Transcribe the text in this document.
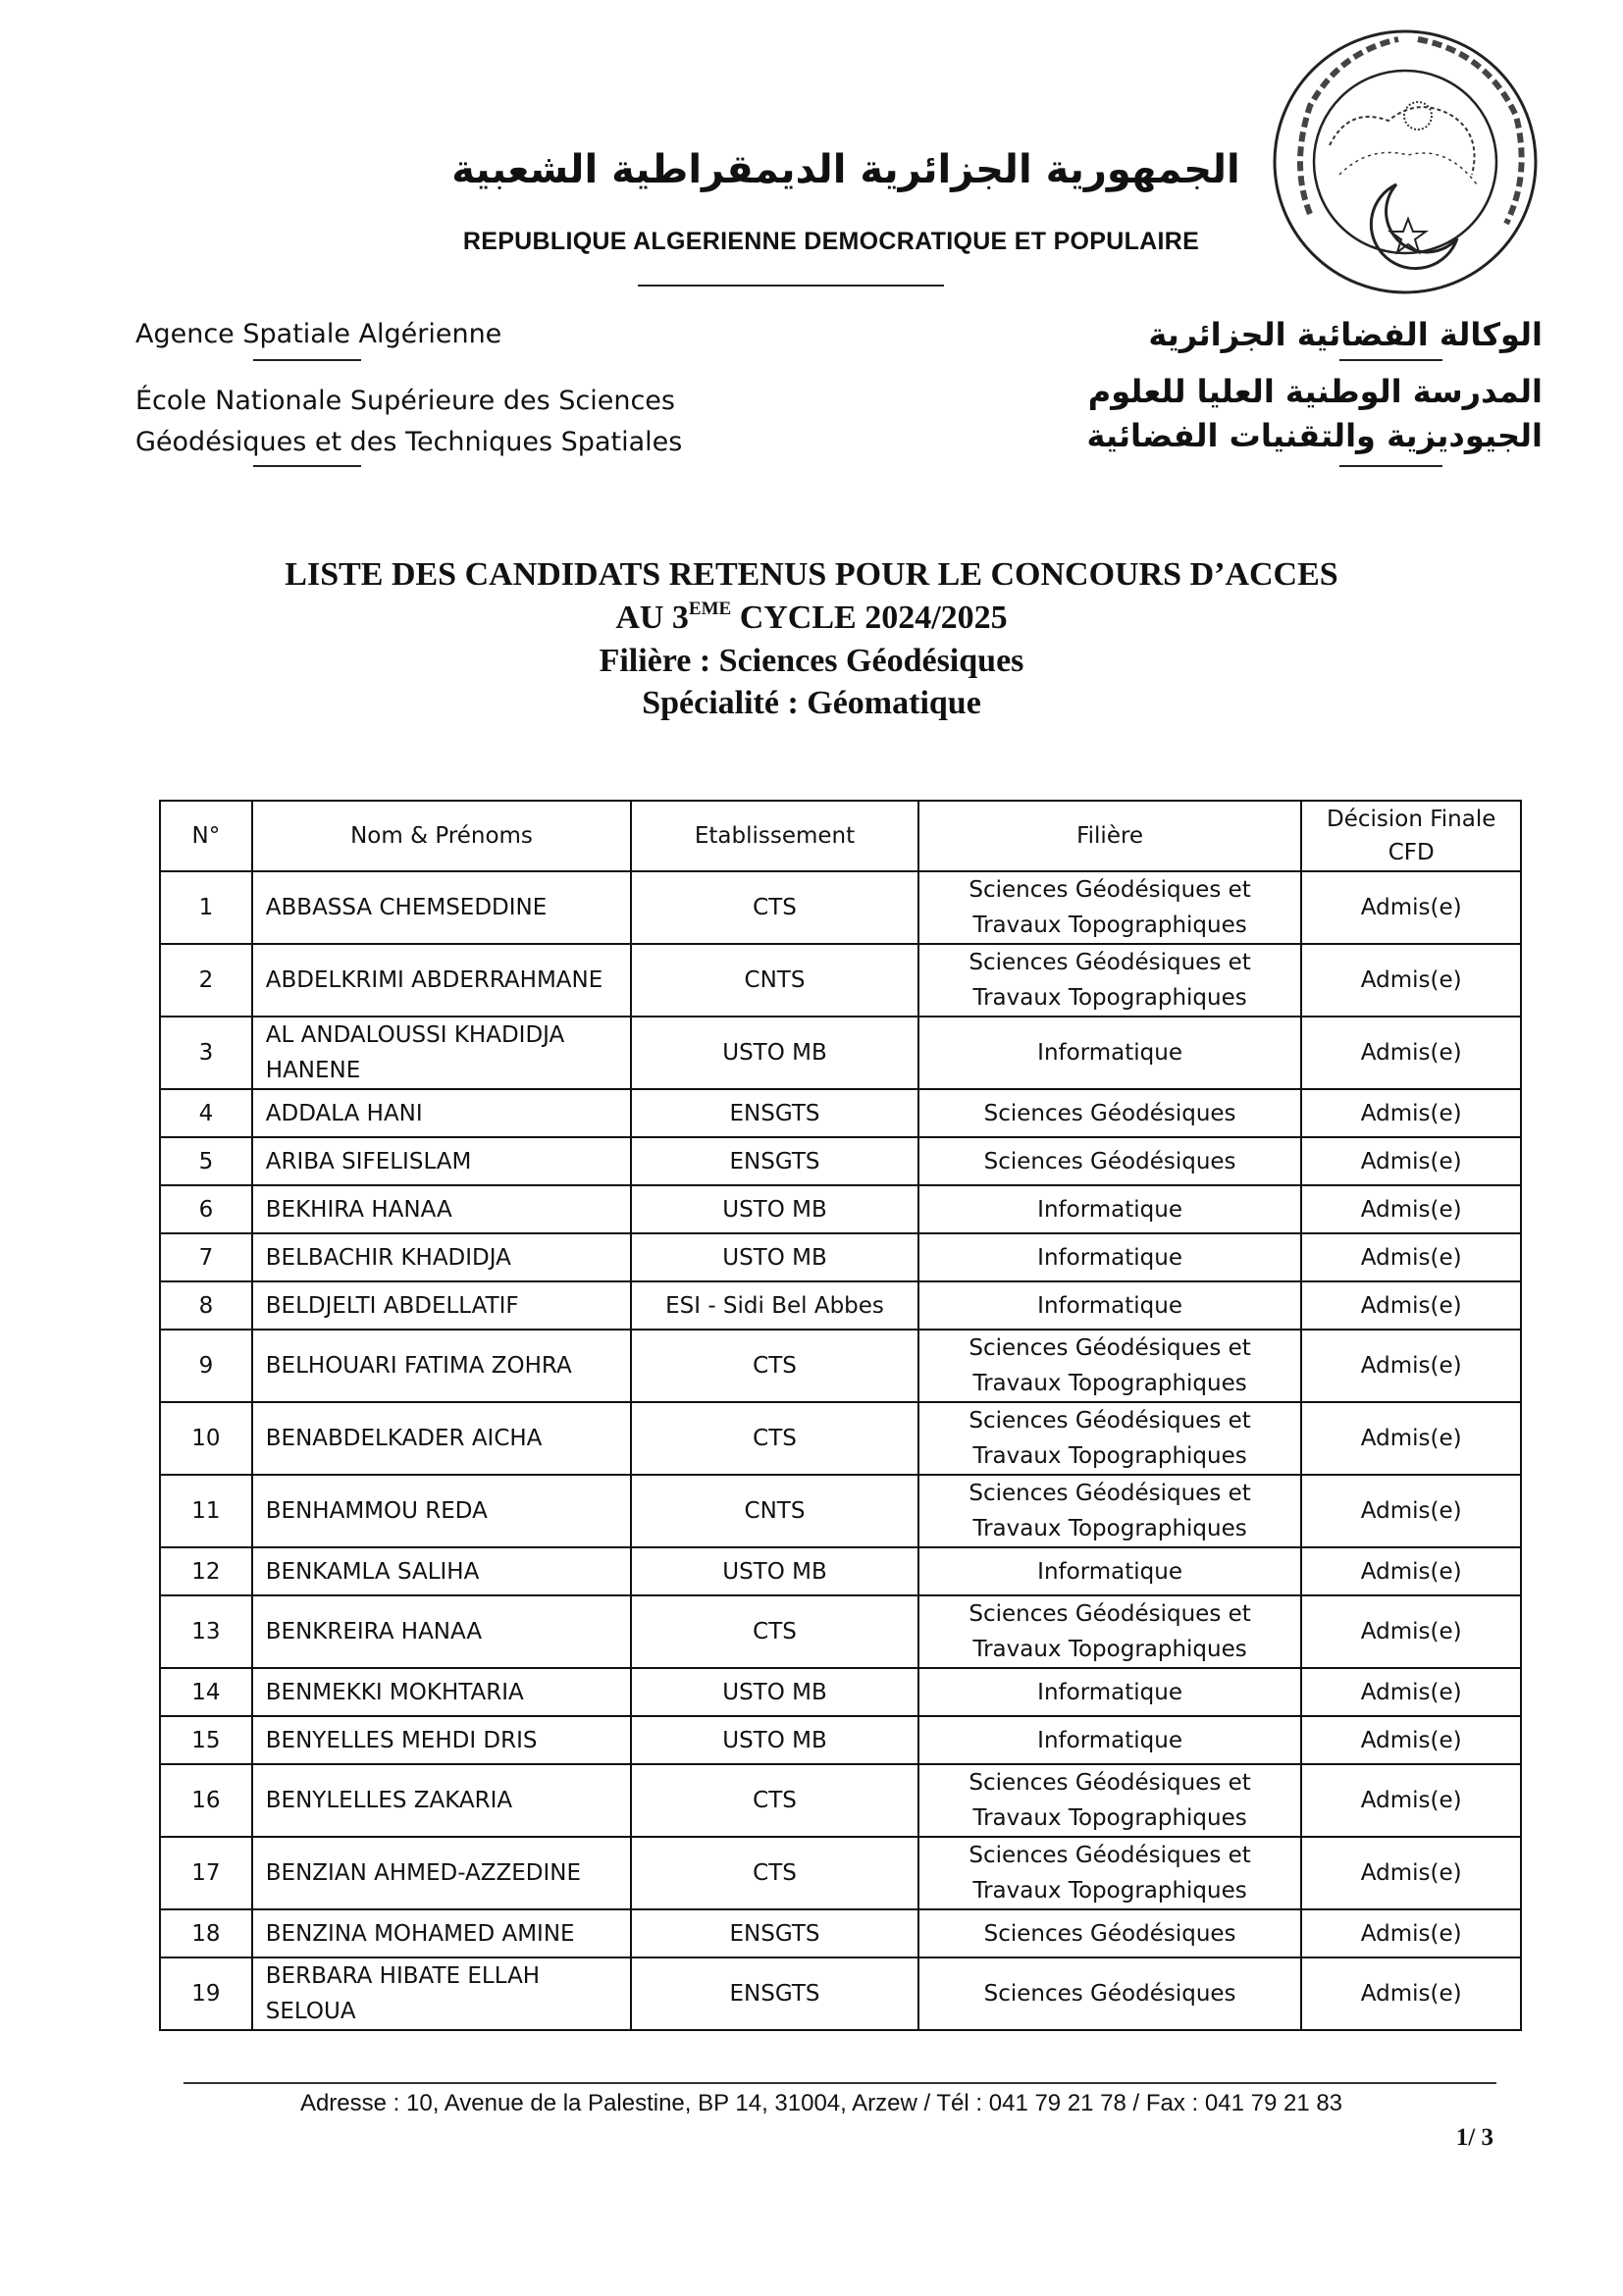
الجمهورية الجزائرية الديمقراطية الشعبية
REPUBLIQUE ALGERIENNE DEMOCRATIQUE ET POPULAIRE
Agence Spatiale Algérienne
École Nationale Supérieure des Sciences
Géodésiques et des Techniques Spatiales
الوكالة الفضائية الجزائرية
المدرسة الوطنية العليا للعلوم
الجيوديزية والتقنيات الفضائية
LISTE DES CANDIDATS RETENUS POUR LE CONCOURS D’ACCES
AU 3EME CYCLE 2024/2025
Filière : Sciences Géodésiques
Spécialité : Géomatique
N°	Nom & Prénoms	Etablissement	Filière	Décision Finale CFD
1	ABBASSA CHEMSEDDINE	CTS	Sciences Géodésiques et Travaux Topographiques	Admis(e)
2	ABDELKRIMI ABDERRAHMANE	CNTS	Sciences Géodésiques et Travaux Topographiques	Admis(e)
3	AL ANDALOUSSI KHADIDJA HANENE	USTO MB	Informatique	Admis(e)
4	ADDALA HANI	ENSGTS	Sciences Géodésiques	Admis(e)
5	ARIBA SIFELISLAM	ENSGTS	Sciences Géodésiques	Admis(e)
6	BEKHIRA HANAA	USTO MB	Informatique	Admis(e)
7	BELBACHIR KHADIDJA	USTO MB	Informatique	Admis(e)
8	BELDJELTI ABDELLATIF	ESI - Sidi Bel Abbes	Informatique	Admis(e)
9	BELHOUARI FATIMA ZOHRA	CTS	Sciences Géodésiques et Travaux Topographiques	Admis(e)
10	BENABDELKADER AICHA	CTS	Sciences Géodésiques et Travaux Topographiques	Admis(e)
11	BENHAMMOU REDA	CNTS	Sciences Géodésiques et Travaux Topographiques	Admis(e)
12	BENKAMLA SALIHA	USTO MB	Informatique	Admis(e)
13	BENKREIRA HANAA	CTS	Sciences Géodésiques et Travaux Topographiques	Admis(e)
14	BENMEKKI MOKHTARIA	USTO MB	Informatique	Admis(e)
15	BENYELLES MEHDI DRIS	USTO MB	Informatique	Admis(e)
16	BENYLELLES ZAKARIA	CTS	Sciences Géodésiques et Travaux Topographiques	Admis(e)
17	BENZIAN AHMED-AZZEDINE	CTS	Sciences Géodésiques et Travaux Topographiques	Admis(e)
18	BENZINA MOHAMED AMINE	ENSGTS	Sciences Géodésiques	Admis(e)
19	BERBARA HIBATE ELLAH SELOUA	ENSGTS	Sciences Géodésiques	Admis(e)
Adresse : 10, Avenue de la Palestine, BP 14, 31004, Arzew / Tél : 041 79 21 78 / Fax : 041 79 21 83
1/ 3
